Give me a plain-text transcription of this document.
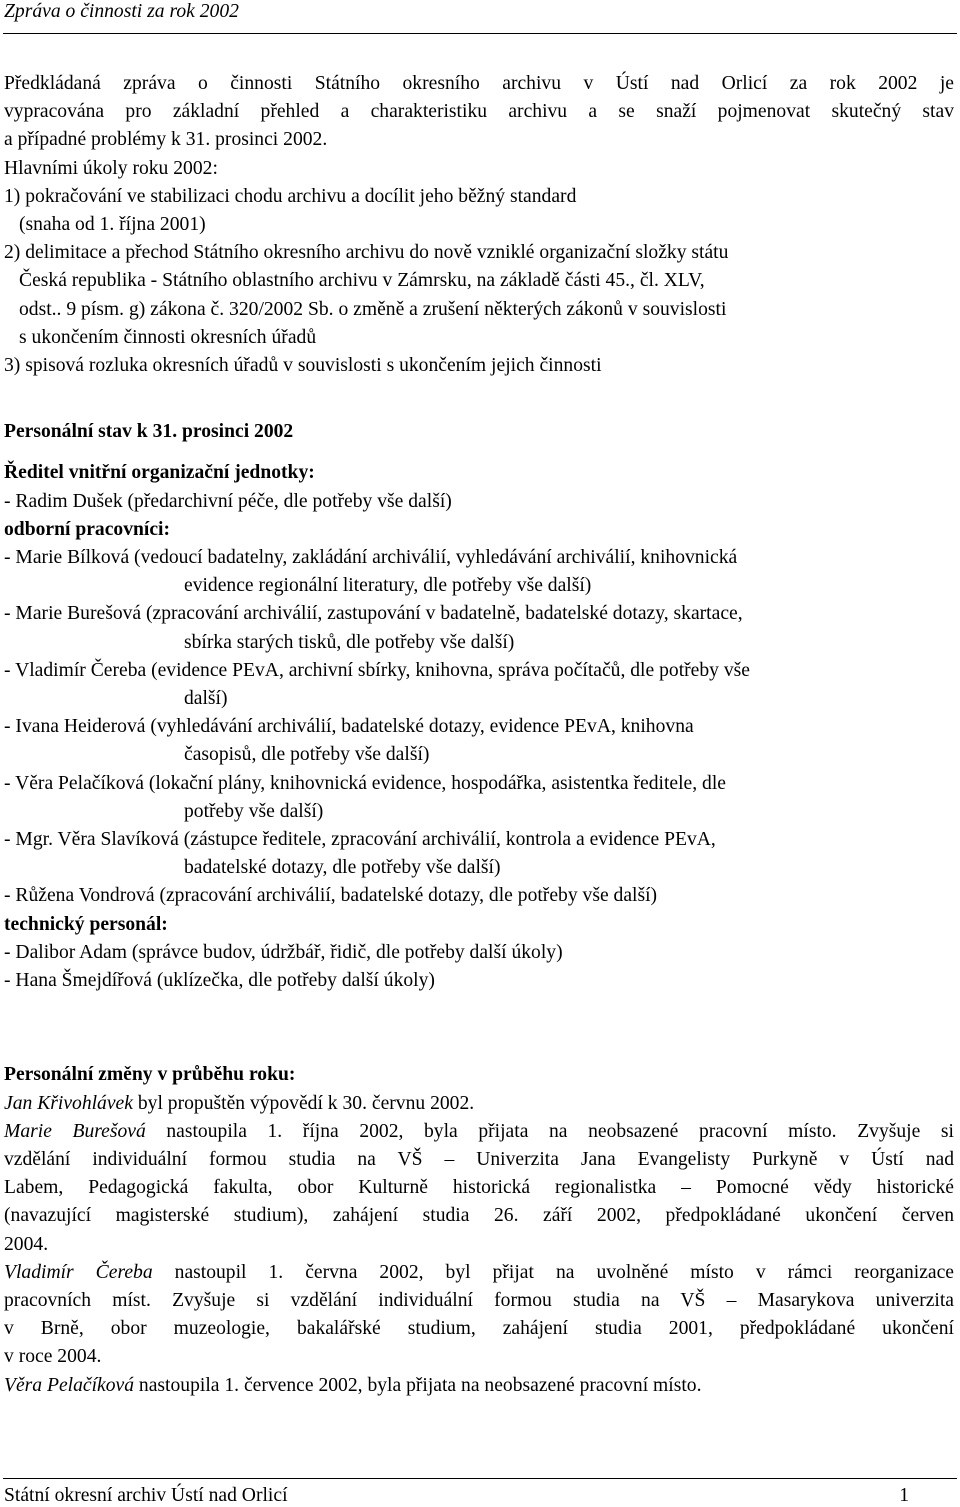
Zpráva o činnosti za rok 2002
Předkládaná zpráva o činnosti Státního okresního archivu v Ústí nad Orlicí za rok 2002 je
vypracována pro základní přehled a charakteristiku archivu a se snaží pojmenovat skutečný stav
a případné problémy k 31. prosinci 2002.
Hlavními úkoly roku 2002:
1) pokračování ve stabilizaci chodu archivu a docílit jeho běžný standard
(snaha od 1. října 2001)
2) delimitace a přechod Státního okresního archivu do nově vzniklé organizační složky státu
Česká republika - Státního oblastního archivu v Zámrsku, na základě části 45., čl. XLV,
odst.. 9 písm. g) zákona č. 320/2002 Sb. o změně a zrušení některých zákonů v souvislosti
s ukončením činnosti okresních úřadů
3) spisová rozluka okresních úřadů v souvislosti s ukončením jejich činnosti
Personální stav k 31. prosinci 2002
Ředitel vnitřní organizační jednotky:
- Radim Dušek (předarchivní péče, dle potřeby vše další)
odborní pracovníci:
- Marie Bílková (vedoucí badatelny, zakládání archiválií, vyhledávání archiválií, knihovnická
evidence regionální literatury, dle potřeby vše další)
- Marie Burešová (zpracování archiválií, zastupování v badatelně, badatelské dotazy, skartace,
sbírka starých tisků, dle potřeby vše další)
- Vladimír Čereba (evidence PEvA, archivní sbírky, knihovna, správa počítačů, dle potřeby vše
další)
- Ivana Heiderová (vyhledávání archiválií, badatelské dotazy, evidence PEvA, knihovna
časopisů, dle potřeby vše další)
- Věra Pelačíková (lokační plány, knihovnická evidence, hospodářka, asistentka ředitele, dle
potřeby vše další)
- Mgr. Věra Slavíková (zástupce ředitele, zpracování archiválií, kontrola a evidence PEvA,
badatelské dotazy, dle potřeby vše další)
- Růžena Vondrová (zpracování archiválií, badatelské dotazy, dle potřeby vše další)
technický personál:
- Dalibor Adam (správce budov, údržbář, řidič, dle potřeby další úkoly)
- Hana Šmejdířová (uklízečka, dle potřeby další úkoly)
Personální změny v průběhu roku:
Jan Křivohlávek byl propuštěn výpovědí k 30. červnu 2002.
Marie Burešová nastoupila 1. října 2002, byla přijata na neobsazené pracovní místo. Zvyšuje si
vzdělání individuální formou studia na VŠ – Univerzita Jana Evangelisty Purkyně v Ústí nad
Labem, Pedagogická fakulta, obor Kulturně historická regionalistka – Pomocné vědy historické
(navazující magisterské studium), zahájení studia 26. září 2002, předpokládané ukončení červen
2004.
Vladimír Čereba nastoupil 1. června 2002, byl přijat na uvolněné místo v rámci reorganizace
pracovních míst. Zvyšuje si vzdělání individuální formou studia na VŠ – Masarykova univerzita
v Brně, obor muzeologie, bakalářské studium, zahájení studia 2001, předpokládané ukončení
v roce 2004.
Věra Pelačíková nastoupila 1. července 2002, byla přijata na neobsazené pracovní místo.
Státní okresní archiv Ústí nad Orlicí	1
